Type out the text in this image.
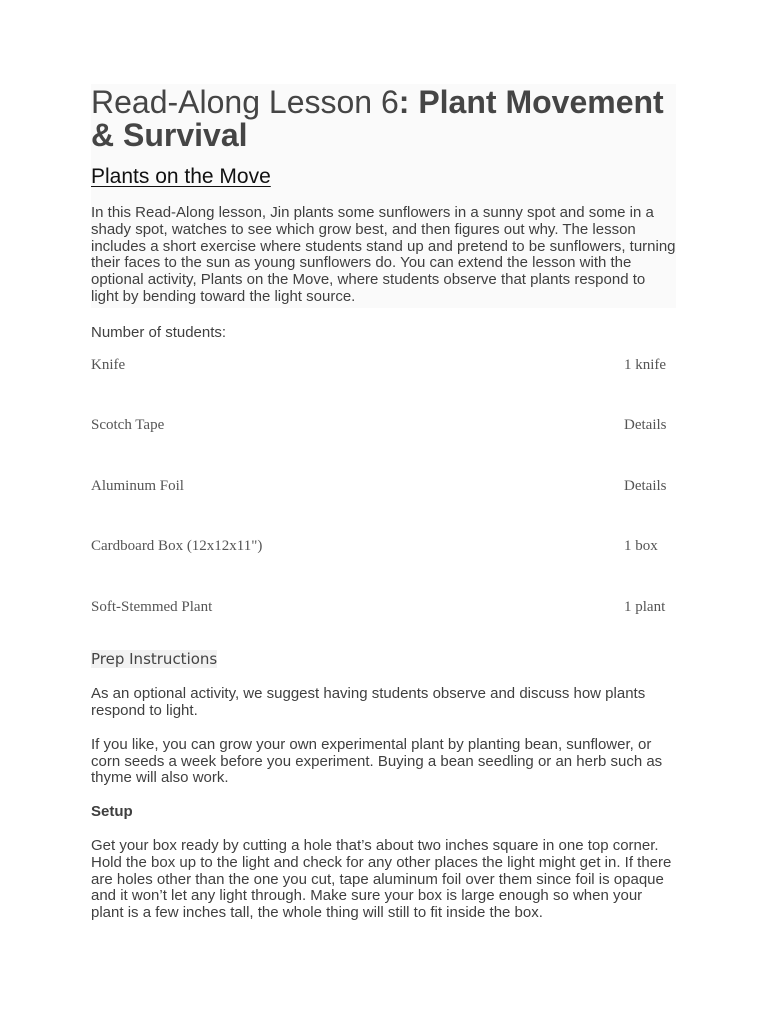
Read-Along Lesson 6: Plant Movement & Survival
Plants on the Move

In this Read-Along lesson, Jin plants some sunflowers in a sunny spot and some in a shady spot, watches to see which grow best, and then figures out why. The lesson includes a short exercise where students stand up and pretend to be sunflowers, turning their faces to the sun as young sunflowers do. You can extend the lesson with the optional activity, Plants on the Move, where students observe that plants respond to light by bending toward the light source.

Number of students:

Knife	1 knife
Scotch Tape	Details
Aluminum Foil	Details
Cardboard Box (12x12x11")	1 box
Soft-Stemmed Plant	1 plant
Prep Instructions

As an optional activity, we suggest having students observe and discuss how plants respond to light.

If you like, you can grow your own experimental plant by planting bean, sunflower, or corn seeds a week before you experiment. Buying a bean seedling or an herb such as thyme will also work.

Setup

Get your box ready by cutting a hole that’s about two inches square in one top corner. Hold the box up to the light and check for any other places the light might get in. If there are holes other than the one you cut, tape aluminum foil over them since foil is opaque and it won’t let any light through. Make sure your box is large enough so when your plant is a few inches tall, the whole thing will still to fit inside the box.
